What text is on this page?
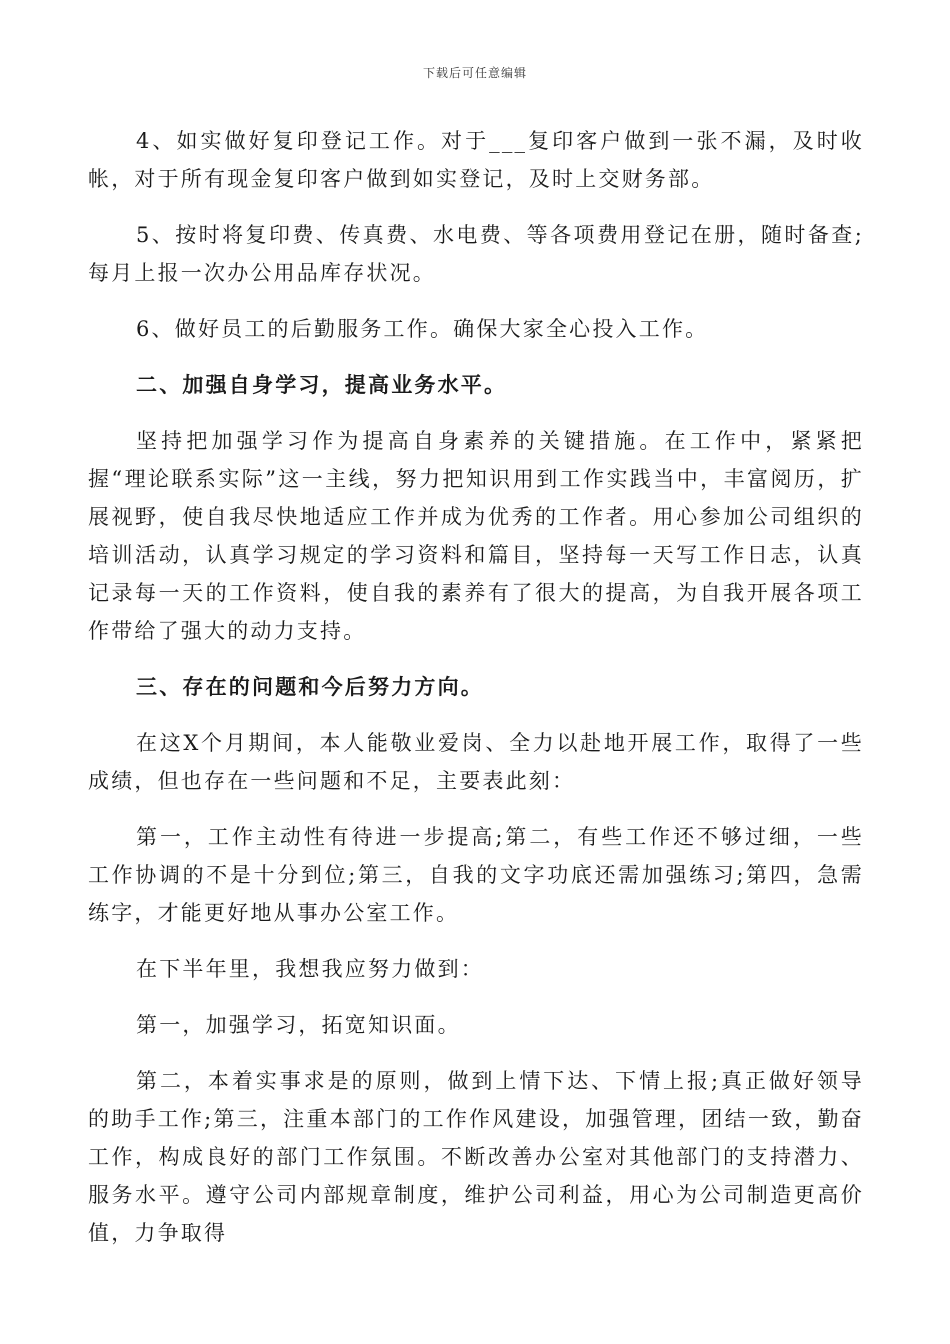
下载后可任意编辑

4、如实做好复印登记工作。对于___复印客户做到一张不漏，及时收帐，对于所有现金复印客户做到如实登记，及时上交财务部。

5、按时将复印费、传真费、水电费、等各项费用登记在册，随时备查;每月上报一次办公用品库存状况。

6、做好员工的后勤服务工作。确保大家全心投入工作。

二、加强自身学习，提高业务水平。

坚持把加强学习作为提高自身素养的关键措施。在工作中，紧紧把握“理论联系实际”这一主线，努力把知识用到工作实践当中，丰富阅历，扩展视野，使自我尽快地适应工作并成为优秀的工作者。用心参加公司组织的培训活动，认真学习规定的学习资料和篇目，坚持每一天写工作日志，认真记录每一天的工作资料，使自我的素养有了很大的提高，为自我开展各项工作带给了强大的动力支持。

三、存在的问题和今后努力方向。

在这X个月期间，本人能敬业爱岗、全力以赴地开展工作，取得了一些成绩，但也存在一些问题和不足，主要表此刻：

第一，工作主动性有待进一步提高;第二，有些工作还不够过细，一些工作协调的不是十分到位;第三，自我的文字功底还需加强练习;第四，急需练字，才能更好地从事办公室工作。

在下半年里，我想我应努力做到：

第一，加强学习，拓宽知识面。

第二，本着实事求是的原则，做到上情下达、下情上报;真正做好领导的助手工作;第三，注重本部门的工作作风建设，加强管理，团结一致，勤奋工作，构成良好的部门工作氛围。不断改善办公室对其他部门的支持潜力、服务水平。遵守公司内部规章制度，维护公司利益，用心为公司制造更高价值，力争取得
